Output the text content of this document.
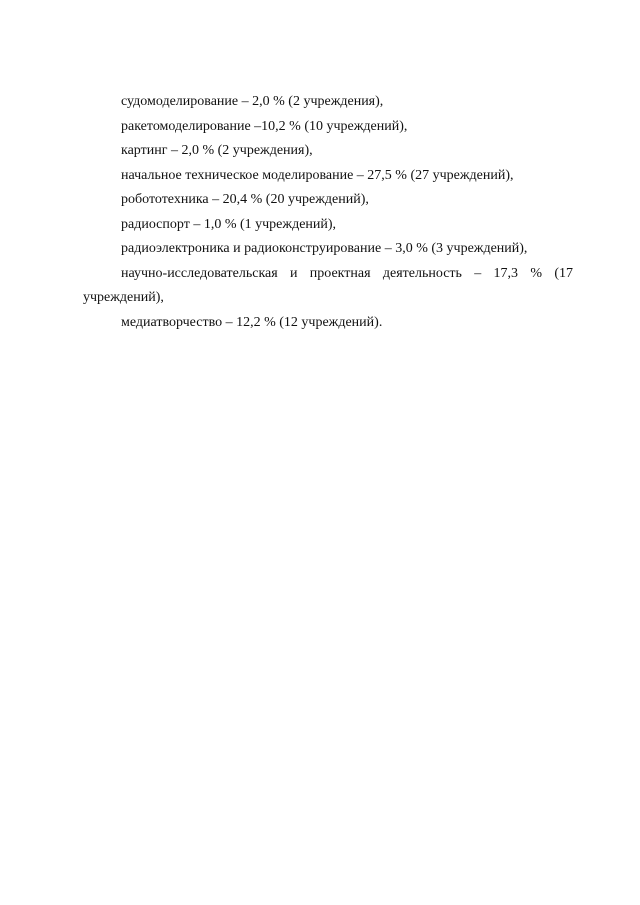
судомоделирование – 2,0 % (2 учреждения),

ракетомоделирование –10,2 % (10 учреждений),

картинг – 2,0 % (2 учреждения),

начальное техническое моделирование – 27,5 % (27 учреждений),

робототехника – 20,4 % (20 учреждений),

радиоспорт – 1,0 % (1 учреждений),

радиоэлектроника и радиоконструирование – 3,0 % (3 учреждений),

научно-исследовательская и проектная деятельность – 17,3 % (17 учреждений),

медиатворчество – 12,2 % (12 учреждений).
